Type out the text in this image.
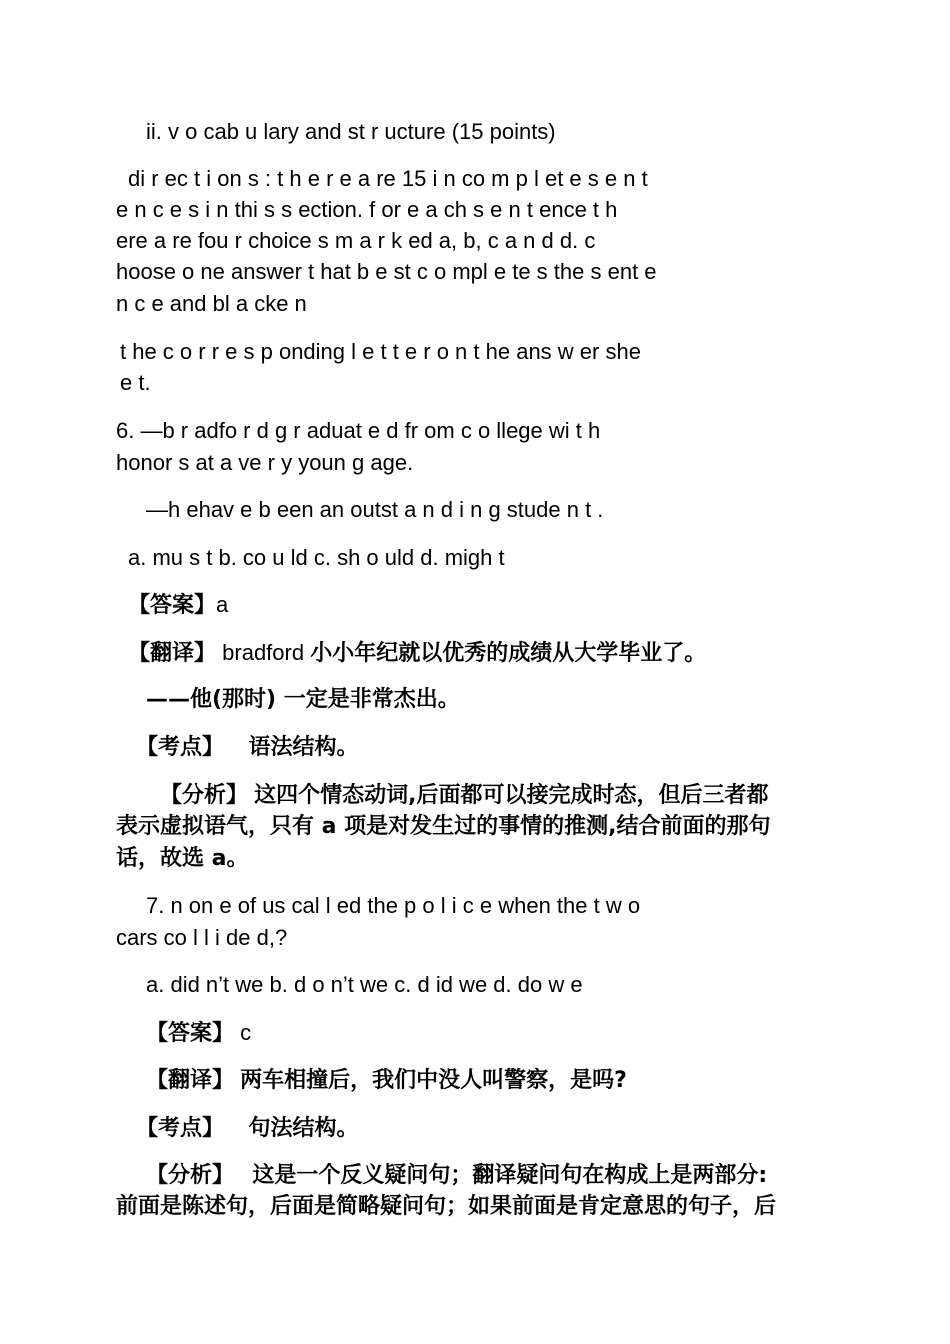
ii. v o cab u lary and st r ucture (15 points)
di r ec t i on s : t h e r e a re 15 i n co m p l et e s e n t
e n c e s i n thi s s ection. f or e a ch s e n t ence t h
ere a re fou r choice s m a r k ed a, b, c a n d d. c
hoose o ne answer t hat b e st c o mpl e te s the s ent e
n c e and bl a cke n
t he c o r r e s p onding l e t t e r o n t he ans w er she
e t.
6. —b r adfo r d g r aduat e d fr om c o llege wi t h
honor s at a ve r y youn g age.
—h ehav e b een an outst a n d i n g stude n t .
a. mu s t b. co u ld c. sh o uld d. migh t
【答案】a
【翻译】 bradford 小小年纪就以优秀的成绩从大学毕业了。
——他(那时) 一定是非常杰出。
【考点】 语法结构。
【分析】 这四个情态动词,后面都可以接完成时态，但后三者都
表示虚拟语气，只有 a 项是对发生过的事情的推测,结合前面的那句
话，故选 a。
7. n on e of us cal l ed the p o l i c e when the t w o
cars co l l i de d,?
a. did n’t we b. d o n’t we c. d id we d. do w e
【答案】 c
【翻译】 两车相撞后，我们中没人叫警察，是吗?
【考点】 句法结构。
【分析】 这是一个反义疑问句；翻译疑问句在构成上是两部分:
前面是陈述句，后面是简略疑问句；如果前面是肯定意思的句子，后
